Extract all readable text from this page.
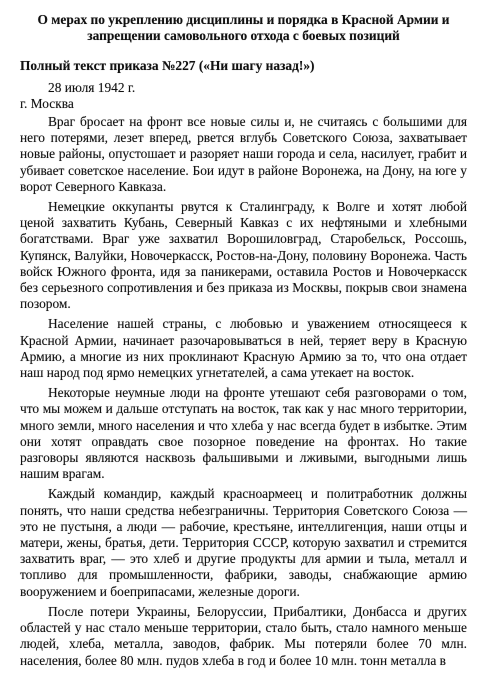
О мерах по укреплению дисциплины и порядка в Красной Армии и запрещении самовольного отхода с боевых позиций
Полный текст приказа №227 («Ни шагу назад!»)
28 июля 1942 г.
г. Москва

Враг бросает на фронт все новые силы и, не считаясь с большими для него потерями, лезет вперед, рвется вглубь Советского Союза, захватывает новые районы, опустошает и разоряет наши города и села, насилует, грабит и убивает советское население. Бои идут в районе Воронежа, на Дону, на юге у ворот Северного Кавказа.

Немецкие оккупанты рвутся к Сталинграду, к Волге и хотят любой ценой захватить Кубань, Северный Кавказ с их нефтяными и хлебными богатствами. Враг уже захватил Ворошиловград, Старобельск, Россошь, Купянск, Валуйки, Новочеркасск, Ростов-на-Дону, половину Воронежа. Часть войск Южного фронта, идя за паникерами, оставила Ростов и Новочеркасск без серьезного сопротивления и без приказа из Москвы, покрыв свои знамена позором.

Население нашей страны, с любовью и уважением относящееся к Красной Армии, начинает разочаровываться в ней, теряет веру в Красную Армию, а многие из них проклинают Красную Армию за то, что она отдает наш народ под ярмо немецких угнетателей, а сама утекает на восток.

Некоторые неумные люди на фронте утешают себя разговорами о том, что мы можем и дальше отступать на восток, так как у нас много территории, много земли, много населения и что хлеба у нас всегда будет в избытке. Этим они хотят оправдать свое позорное поведение на фронтах. Но такие разговоры являются насквозь фальшивыми и лживыми, выгодными лишь нашим врагам.

Каждый командир, каждый красноармеец и политработник должны понять, что наши средства небезграничны. Территория Советского Союза — это не пустыня, а люди — рабочие, крестьяне, интеллигенция, наши отцы и матери, жены, братья, дети. Территория СССР, которую захватил и стремится захватить враг, — это хлеб и другие продукты для армии и тыла, металл и топливо для промышленности, фабрики, заводы, снабжающие армию вооружением и боеприпасами, железные дороги.

После потери Украины, Белоруссии, Прибалтики, Донбасса и других областей у нас стало меньше территории, стало быть, стало намного меньше людей, хлеба, металла, заводов, фабрик. Мы потеряли более 70 млн. населения, более 80 млн. пудов хлеба в год и более 10 млн. тонн металла в
